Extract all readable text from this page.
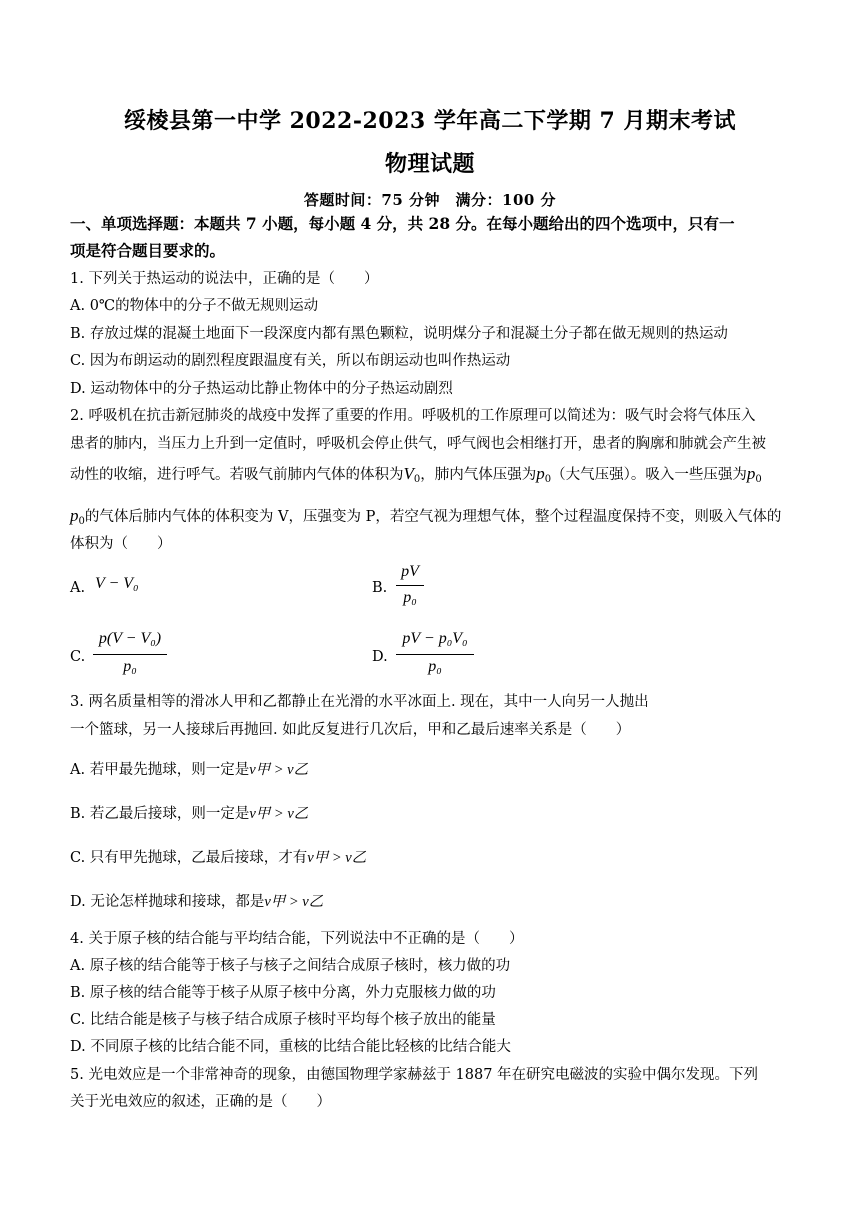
绥棱县第一中学 2022-2023 学年高二下学期 7 月期末考试
物理试题
答题时间：75 分钟　满分：100 分
一、单项选择题：本题共 7 小题，每小题 4 分，共 28 分。在每小题给出的四个选项中，只有一
项是符合题目要求的。
1. 下列关于热运动的说法中，正确的是（　　）
A. 0℃的物体中的分子不做无规则运动
B. 存放过煤的混凝土地面下一段深度内都有黑色颗粒，说明煤分子和混凝土分子都在做无规则的热运动
C. 因为布朗运动的剧烈程度跟温度有关，所以布朗运动也叫作热运动
D. 运动物体中的分子热运动比静止物体中的分子热运动剧烈
2. 呼吸机在抗击新冠肺炎的战疫中发挥了重要的作用。呼吸机的工作原理可以简述为：吸气时会将气体压入
患者的肺内，当压力上升到一定值时，呼吸机会停止供气，呼气阀也会相继打开，患者的胸廓和肺就会产生被
动性的收缩，进行呼气。若吸气前肺内气体的体积为$V_0$，肺内气体压强为$p_0$（大气压强）。吸入一些压强为$p_0$
$p_0$的气体后肺内气体的体积变为 V，压强变为 P，若空气视为理想气体，整个过程温度保持不变，则吸入气体的
体积为（　　）
A. V − V₀	B.
pV
p₀
C.
p(V − V₀)
p₀
D.
pV − p₀V₀
p₀
3. 两名质量相等的滑冰人甲和乙都静止在光滑的水平冰面上. 现在，其中一人向另一人抛出
一个篮球，另一人接球后再抛回. 如此反复进行几次后，甲和乙最后速率关系是（　　）
A. 若甲最先抛球，则一定是v甲 > v乙
B. 若乙最后接球，则一定是v甲 > v乙
C. 只有甲先抛球，乙最后接球，才有v甲 > v乙
D. 无论怎样抛球和接球，都是v甲 > v乙
4. 关于原子核的结合能与平均结合能，下列说法中不正确的是（　　）
A. 原子核的结合能等于核子与核子之间结合成原子核时，核力做的功
B. 原子核的结合能等于核子从原子核中分离，外力克服核力做的功
C. 比结合能是核子与核子结合成原子核时平均每个核子放出的能量
D. 不同原子核的比结合能不同，重核的比结合能比轻核的比结合能大
5. 光电效应是一个非常神奇的现象，由德国物理学家赫兹于 1887 年在研究电磁波的实验中偶尔发现。下列
关于光电效应的叙述，正确的是（　　）
